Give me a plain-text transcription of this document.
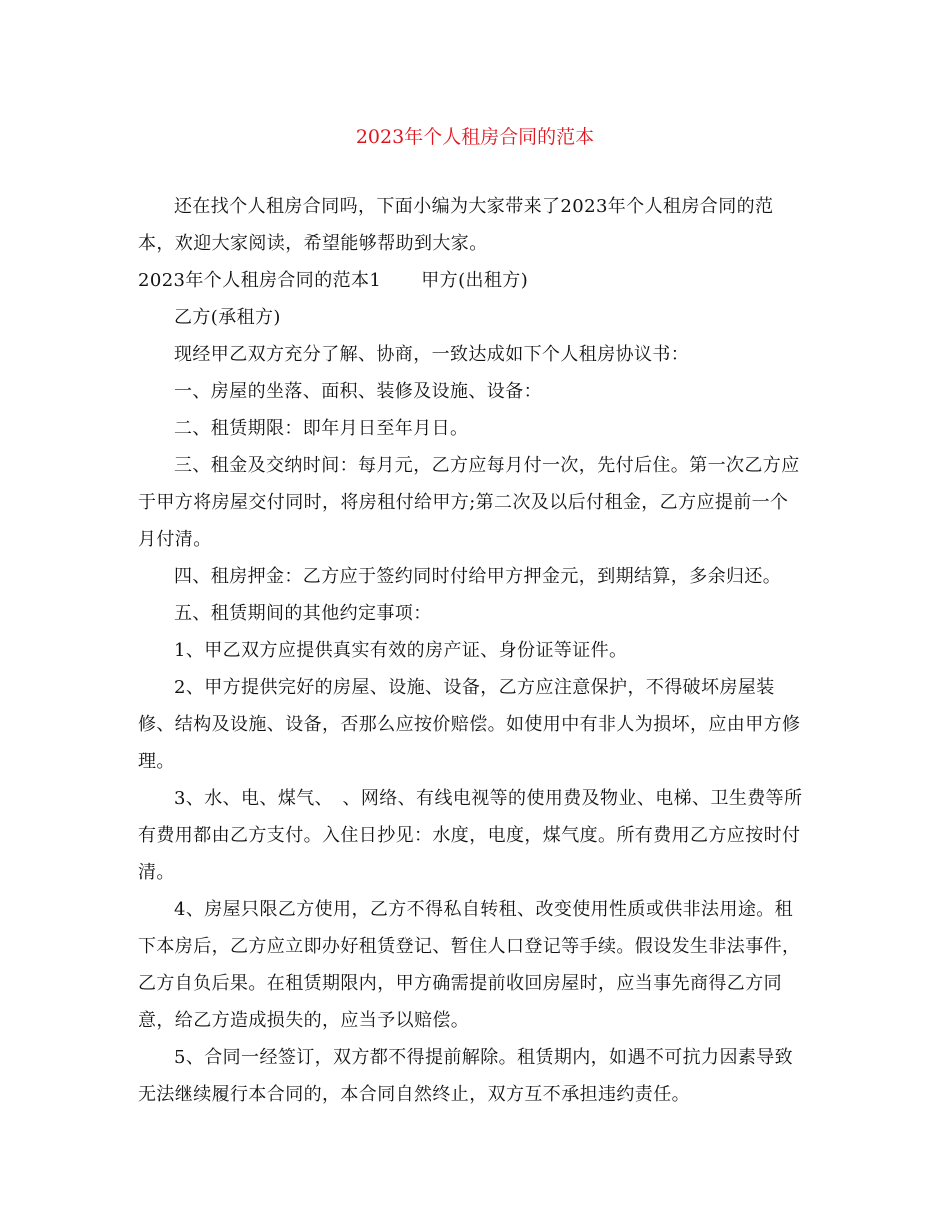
2023年个人租房合同的范本

还在找个人租房合同吗，下面小编为大家带来了2023年个人租房合同的范本，欢迎大家阅读，希望能够帮助到大家。

2023年个人租房合同的范本1 甲方(出租方)

乙方(承租方)

现经甲乙双方充分了解、协商，一致达成如下个人租房协议书：

一、房屋的坐落、面积、装修及设施、设备：

二、租赁期限：即年月日至年月日。

三、租金及交纳时间：每月元，乙方应每月付一次，先付后住。第一次乙方应于甲方将房屋交付同时，将房租付给甲方;第二次及以后付租金，乙方应提前一个月付清。

四、租房押金：乙方应于签约同时付给甲方押金元，到期结算，多余归还。

五、租赁期间的其他约定事项：

1、甲乙双方应提供真实有效的房产证、身份证等证件。

2、甲方提供完好的房屋、设施、设备，乙方应注意保护，不得破坏房屋装修、结构及设施、设备，否那么应按价赔偿。如使用中有非人为损坏，应由甲方修理。

3、水、电、煤气、　、网络、有线电视等的使用费及物业、电梯、卫生费等所有费用都由乙方支付。入住日抄见：水度，电度，煤气度。所有费用乙方应按时付清。

4、房屋只限乙方使用，乙方不得私自转租、改变使用性质或供非法用途。租下本房后，乙方应立即办好租赁登记、暂住人口登记等手续。假设发生非法事件，乙方自负后果。在租赁期限内，甲方确需提前收回房屋时，应当事先商得乙方同意，给乙方造成损失的，应当予以赔偿。

5、合同一经签订，双方都不得提前解除。租赁期内，如遇不可抗力因素导致无法继续履行本合同的，本合同自然终止，双方互不承担违约责任。
